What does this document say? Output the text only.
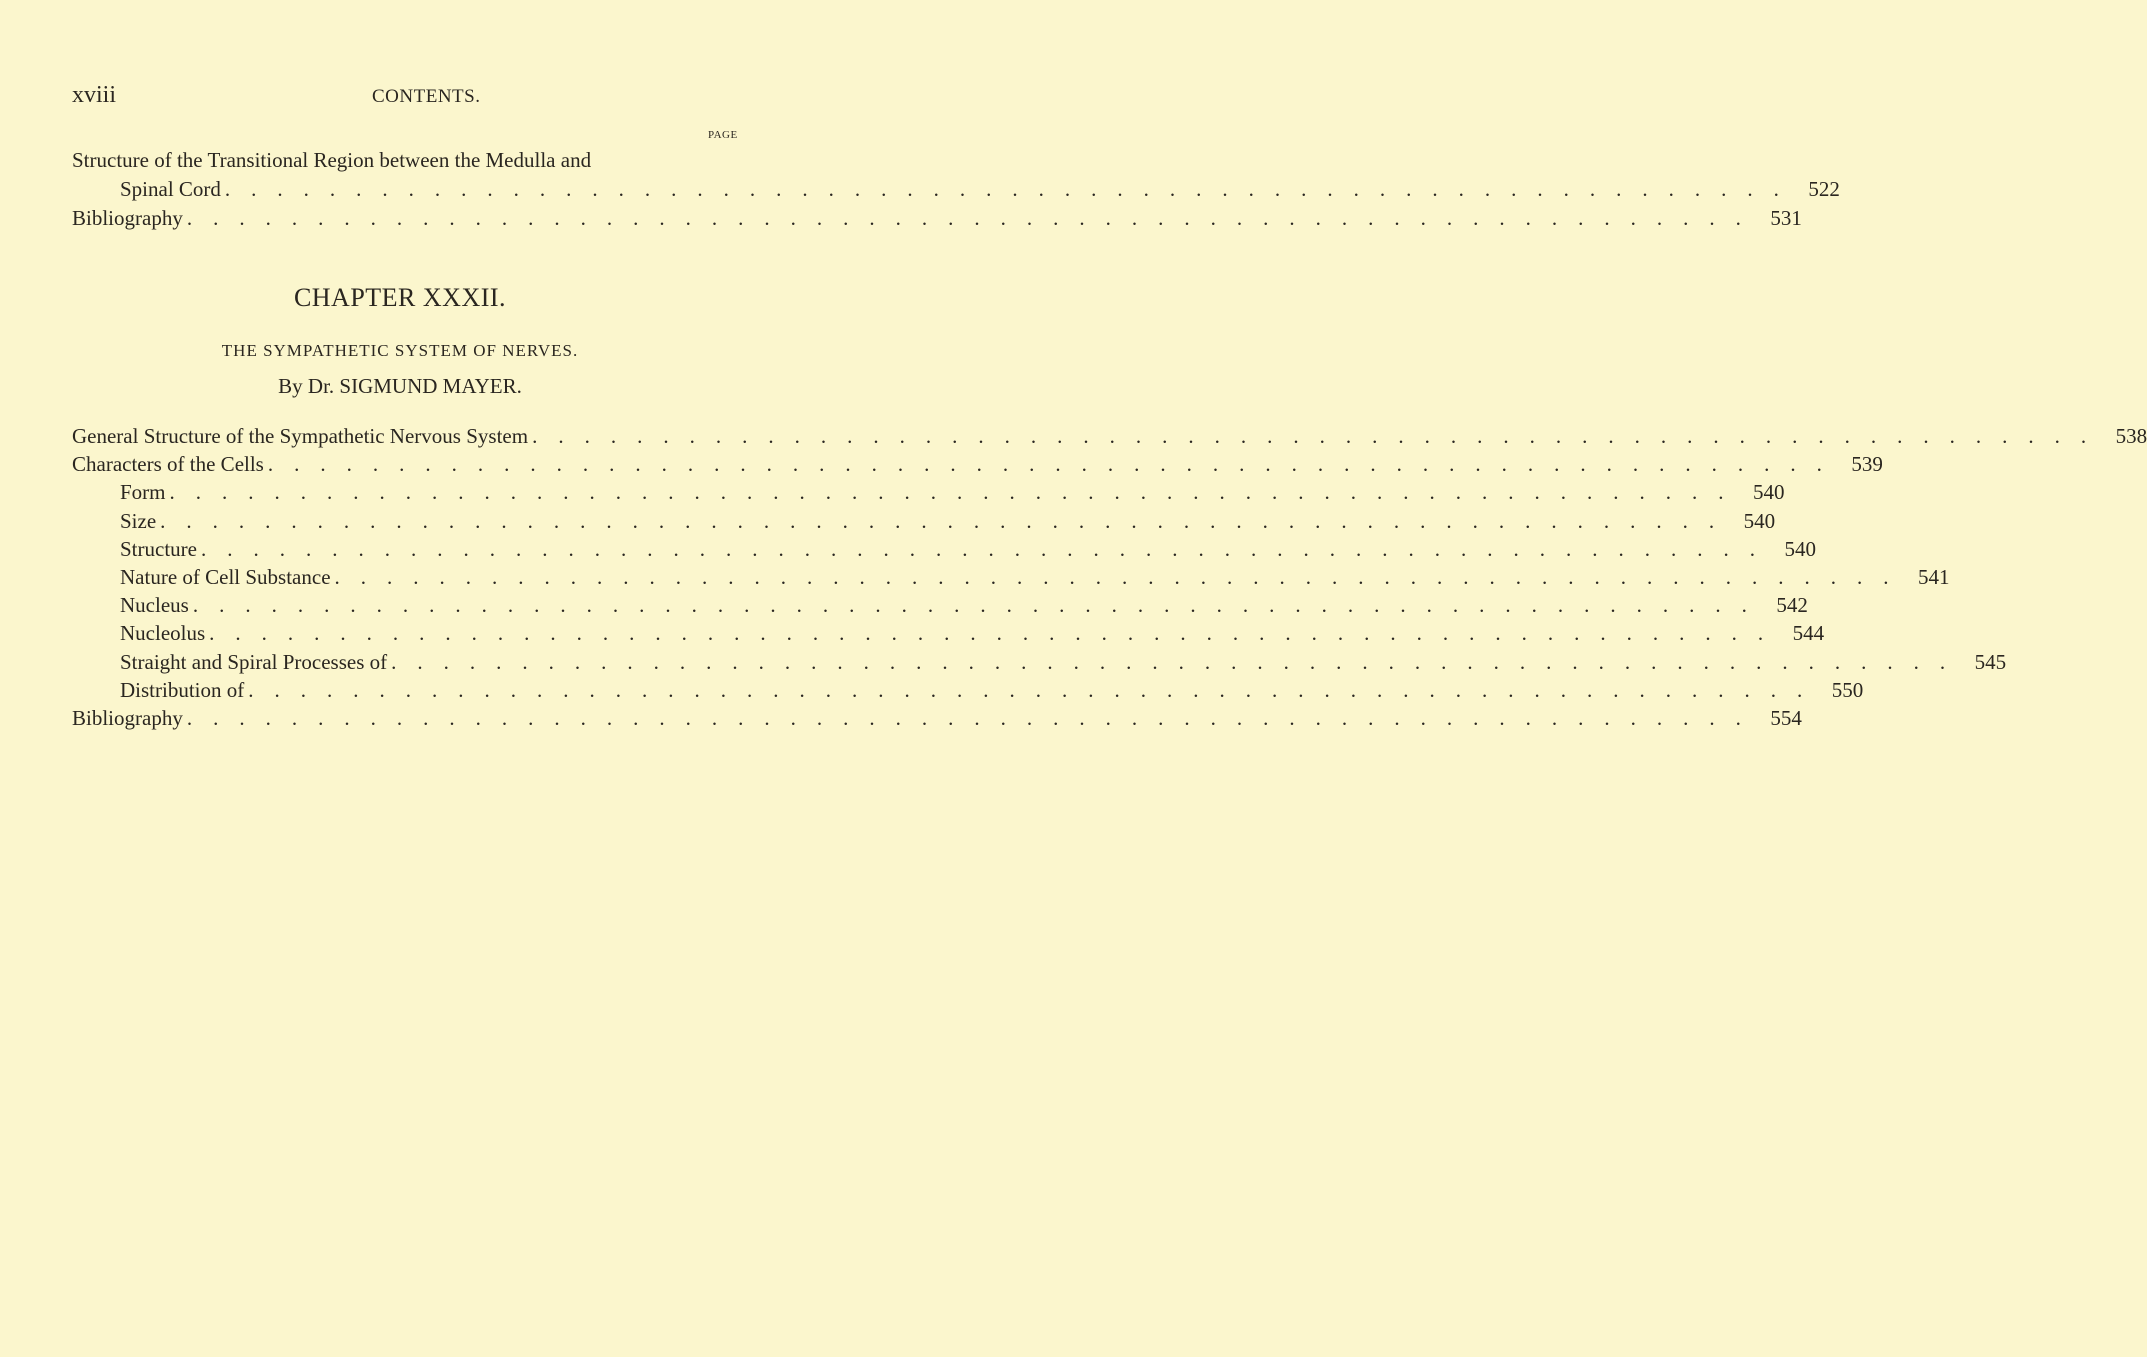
xviii	CONTENTS.
PAGE
Structure of the Transitional Region between the Medulla and
Spinal Cord  . . . . . . . . . . . . . . . . . . . . . . . . . . . . . . . . . . . . . . . . . . . . . . . . . . . . . . . . . . . . 522
Bibliography  . . . . . . . . . . . . . . . . . . . . . . . . . . . . . . . . . . . . . . . . . . . . . . . . . . . . . . . . . . . . 531
CHAPTER XXXII.
THE SYMPATHETIC SYSTEM OF NERVES.
By Dr. SIGMUND MAYER.
General Structure of the Sympathetic Nervous System  . . . . . . . . . . . . . . . . . . . . . . . . . . . . . . . . . . . . . . . . . . . . . . . . . . . . . . . . . . . . 538
Characters of the Cells  . . . . . . . . . . . . . . . . . . . . . . . . . . . . . . . . . . . . . . . . . . . . . . . . . . . . . . . . . . . . 539
Form  . . . . . . . . . . . . . . . . . . . . . . . . . . . . . . . . . . . . . . . . . . . . . . . . . . . . . . . . . . . . 540
Size  . . . . . . . . . . . . . . . . . . . . . . . . . . . . . . . . . . . . . . . . . . . . . . . . . . . . . . . . . . . . 540
Structure  . . . . . . . . . . . . . . . . . . . . . . . . . . . . . . . . . . . . . . . . . . . . . . . . . . . . . . . . . . . . 540
Nature of Cell Substance  . . . . . . . . . . . . . . . . . . . . . . . . . . . . . . . . . . . . . . . . . . . . . . . . . . . . . . . . . . . . 541
Nucleus  . . . . . . . . . . . . . . . . . . . . . . . . . . . . . . . . . . . . . . . . . . . . . . . . . . . . . . . . . . . . 542
Nucleolus  . . . . . . . . . . . . . . . . . . . . . . . . . . . . . . . . . . . . . . . . . . . . . . . . . . . . . . . . . . . . 544
Straight and Spiral Processes of  . . . . . . . . . . . . . . . . . . . . . . . . . . . . . . . . . . . . . . . . . . . . . . . . . . . . . . . . . . . . 545
Distribution of  . . . . . . . . . . . . . . . . . . . . . . . . . . . . . . . . . . . . . . . . . . . . . . . . . . . . . . . . . . . . 550
Bibliography  . . . . . . . . . . . . . . . . . . . . . . . . . . . . . . . . . . . . . . . . . . . . . . . . . . . . . . . . . . . . 554
